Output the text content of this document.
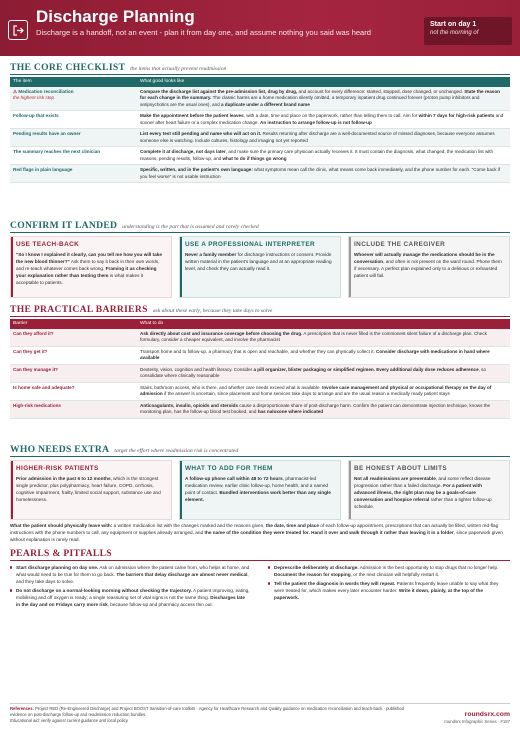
Discharge Planning
Discharge is a handoff, not an event - plan it from day one, and assume nothing you said was heard
Start on day 1
not the morning of
THE CORE CHECKLIST the items that actually prevent readmission
The item	What good looks like
⚠ Medication reconciliation
the highest-risk step	Compare the discharge list against the pre-admission list, drug by drug, and account for every difference: started, stopped, dose changed, or unchanged. State the reason for each change in the summary. The classic harms are a home medication silently omitted, a temporary inpatient drug continued forever (proton pump inhibitors and antipsychotics are the usual ones), and a duplicate under a different brand name
Follow-up that exists	Make the appointment before the patient leaves, with a date, time and place on the paperwork, rather than telling them to call. Aim for within 7 days for high-risk patients and sooner after heart failure or a complex medication change. An instruction to arrange follow-up is not follow-up
Pending results have an owner	List every test still pending and name who will act on it. Results returning after discharge are a well-documented source of missed diagnoses, because everyone assumes someone else is watching. Include cultures, histology and imaging not yet reported
The summary reaches the next clinician	Complete it at discharge, not days later, and make sure the primary care physician actually receives it. It must contain the diagnosis, what changed, the medication list with reasons, pending results, follow-up, and what to do if things go wrong
Red flags in plain language	Specific, written, and in the patient's own language: what symptoms mean call the clinic, what means come back immediately, and the phone number for each. "Come back if you feel worse" is not usable instruction
CONFIRM IT LANDED understanding is the part that is assumed and rarely checked
USE TEACH-BACK
"So I know I explained it clearly, can you tell me how you will take the new blood thinner?" Ask them to say it back in their own words, and re-teach whatever comes back wrong. Framing it as checking your explanation rather than testing them is what makes it acceptable to patients.
USE A PROFESSIONAL INTERPRETER
Never a family member for discharge instructions or consent. Provide written material in the patient's language and at an appropriate reading level, and check they can actually read it.
INCLUDE THE CAREGIVER
Whoever will actually manage the medications should be in the conversation, and often is not present on the ward round. Phone them if necessary. A perfect plan explained only to a delirious or exhausted patient will fail.
THE PRACTICAL BARRIERS ask about these early, because they take days to solve
Barrier	What to do
Can they afford it?	Ask directly about cost and insurance coverage before choosing the drug. A prescription that is never filled is the commonest silent failure of a discharge plan. Check formulary, consider a cheaper equivalent, and involve the pharmacist
Can they get it?	Transport home and to follow-up, a pharmacy that is open and reachable, and whether they can physically collect it. Consider discharge with medications in hand where available
Can they manage it?	Dexterity, vision, cognition and health literacy. Consider a pill organizer, blister packaging or simplified regimen. Every additional daily dose reduces adherence, so consolidate where clinically reasonable
Is home safe and adequate?	Stairs, bathroom access, who is there, and whether care needs exceed what is available. Involve case management and physical or occupational therapy on the day of admission if the answer is uncertain, since placement and home services take days to arrange and are the usual reason a medically ready patient stays
High-risk medications	Anticoagulants, insulin, opioids and steroids cause a disproportionate share of post-discharge harm. Confirm the patient can demonstrate injection technique, knows the monitoring plan, has the follow-up blood test booked, and has naloxone where indicated
WHO NEEDS EXTRA target the effort where readmission risk is concentrated
HIGHER-RISK PATIENTS
Prior admission in the past 6 to 12 months, which is the strongest single predictor, plus polypharmacy, heart failure, COPD, cirrhosis, cognitive impairment, frailty, limited social support, substance use and homelessness.
WHAT TO ADD FOR THEM
A follow-up phone call within 48 to 72 hours, pharmacist-led medication review, earlier clinic follow-up, home health, and a named point of contact. Bundled interventions work better than any single element.
BE HONEST ABOUT LIMITS
Not all readmissions are preventable, and some reflect disease progression rather than a failed discharge. For a patient with advanced illness, the right plan may be a goals-of-care conversation and hospice referral rather than a tighter follow-up schedule.
What the patient should physically leave with: a written medication list with the changes marked and the reasons given, the date, time and place of each follow-up appointment, prescriptions that can actually be filled, written red-flag instructions with the phone numbers to call, any equipment or supplies already arranged, and the name of the condition they were treated for. Hand it over and walk through it rather than leaving it in a folder, since paperwork given without explanation is rarely read.
PEARLS & PITFALLS
Start discharge planning on day one. Ask on admission where the patient came from, who helps at home, and what would need to be true for them to go back. The barriers that delay discharge are almost never medical, and they take days to solve.
Do not discharge on a normal-looking morning without checking the trajectory. A patient improving, eating, mobilising and off oxygen is ready; a single reassuring set of vital signs is not the same thing. Discharges late in the day and on Fridays carry more risk, because follow-up and pharmacy access thin out.
Deprescribe deliberately at discharge. Admission is the best opportunity to stop drugs that no longer help. Document the reason for stopping, or the next clinician will helpfully restart it.
Tell the patient the diagnosis in words they will repeat. Patients frequently leave unable to say what they were treated for, which makes every later encounter harder. Write it down, plainly, at the top of the paperwork.
References: Project RED (Re-Engineered Discharge) and Project BOOST transition-of-care toolkits · Agency for Healthcare Research and Quality guidance on medication reconciliation and teach-back · published evidence on post-discharge follow-up and readmission reduction bundles.
Educational aid; verify against current guidance and local policy.
roundsrx.com
roundsrx Infographic Series · #187
